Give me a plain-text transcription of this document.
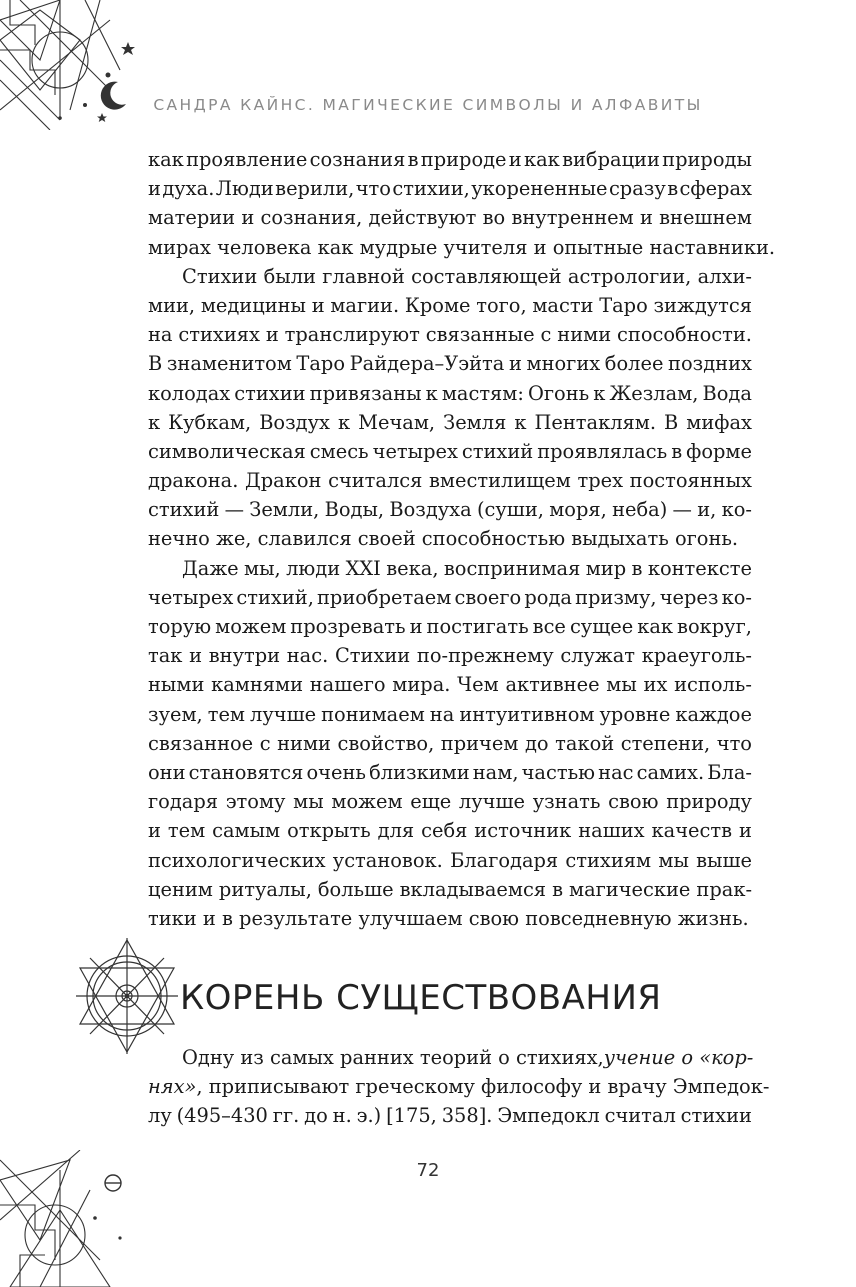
САНДРА КАЙНС. МАГИЧЕСКИЕ СИМВОЛЫ И АЛФАВИТЫ
как проявление сознания в природе и как вибрации природы
и духа. Люди верили, что стихии, укорененные сразу в сферах
материи и сознания, действуют во внутреннем и внешнем
мирах человека как мудрые учителя и опытные наставники.
Стихии были главной составляющей астрологии, алхи-
мии, медицины и магии. Кроме того, масти Таро зиждутся
на стихиях и транслируют связанные с ними способности.
В знаменитом Таро Райдера–Уэйта и многих более поздних
колодах стихии привязаны к мастям: Огонь к Жезлам, Вода
к Кубкам, Воздух к Мечам, Земля к Пентаклям. В мифах
символическая смесь четырех стихий проявлялась в форме
дракона. Дракон считался вместилищем трех постоянных
стихий — Земли, Воды, Воздуха (суши, моря, неба) — и, ко-
нечно же, славился своей способностью выдыхать огонь.
Даже мы, люди XXI века, воспринимая мир в контексте
четырех стихий, приобретаем своего рода призму, через ко-
торую можем прозревать и постигать все сущее как вокруг,
так и внутри нас. Стихии по-прежнему служат краеуголь-
ными камнями нашего мира. Чем активнее мы их исполь-
зуем, тем лучше понимаем на интуитивном уровне каждое
связанное с ними свойство, причем до такой степени, что
они становятся очень близкими нам, частью нас самих. Бла-
годаря этому мы можем еще лучше узнать свою природу
и тем самым открыть для себя источник наших качеств и
психологических установок. Благодаря стихиям мы выше
ценим ритуалы, больше вкладываемся в магические прак-
тики и в результате улучшаем свою повседневную жизнь.
КОРЕНЬ СУЩЕСТВОВАНИЯ
Одну из самых ранних теорий о стихиях, учение о «кор-
нях» , приписывают греческому философу и врачу Эмпедок-
лу (495–430 гг. до н. э.) [175, 358]. Эмпедокл считал стихии
72
